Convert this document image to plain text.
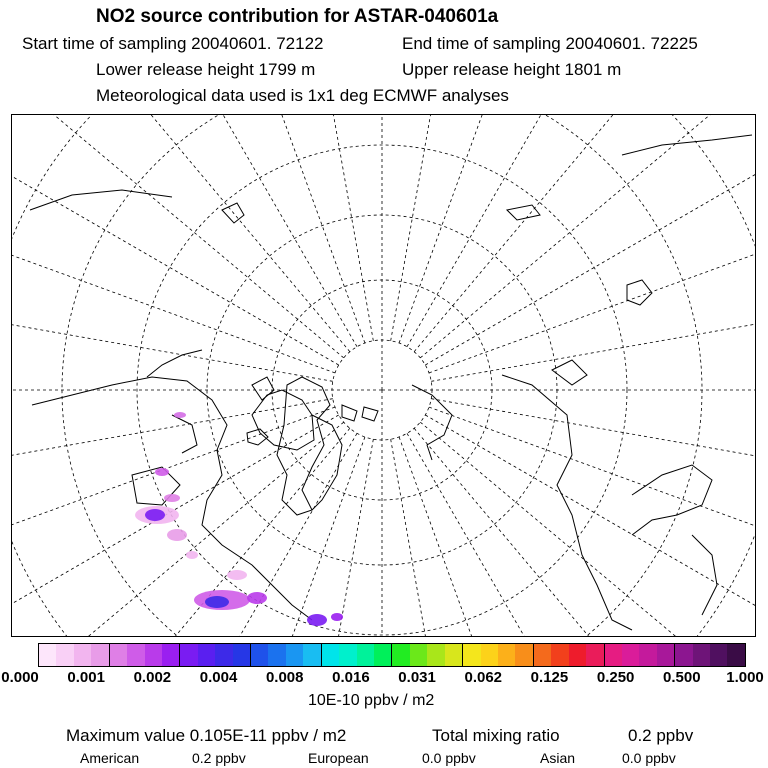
NO2 source contribution for ASTAR-040601a
Start time of sampling 20040601. 72122	End time of sampling 20040601. 72225
Lower release height 1799 m	Upper release height 1801 m
Meteorological data used is 1x1 deg ECMWF analyses
0.000 0.001 0.002 0.004 0.008 0.016 0.031 0.062 0.125 0.250 0.500 1.000
10E-10 ppbv / m2
Maximum value 0.105E-11 ppbv / m2	Total mixing ratio	0.2 ppbv
American	0.2 ppbv	European	0.0 ppbv	Asian	0.0 ppbv
